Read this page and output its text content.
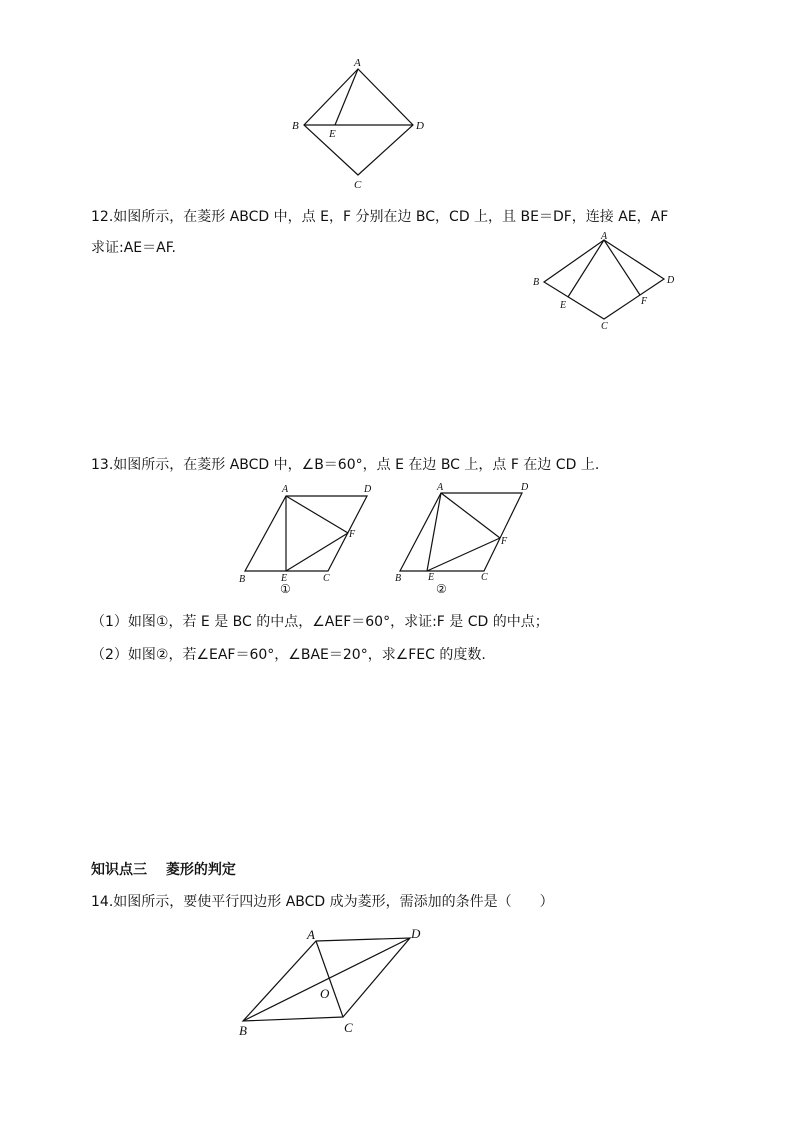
A
B
E
D
C
12.如图所示，在菱形 ABCD 中，点 E，F 分别在边 BC，CD 上，且 BE＝DF，连接 AE，AF
求证:AE＝AF.
A
B
E
C
F
D
13.如图所示，在菱形 ABCD 中，∠B＝60°，点 E 在边 BC 上，点 F 在边 CD 上.
A	D
F
B	E	C
①
A	D
F
B	E	C
②
（1）如图①，若 E 是 BC 的中点，∠AEF＝60°，求证:F 是 CD 的中点；
（2）如图②，若∠EAF＝60°，∠BAE＝20°，求∠FEC 的度数.
知识点三　 菱形的判定
14.如图所示，要使平行四边形 ABCD 成为菱形，需添加的条件是（　　）
A	D
O
B	C
